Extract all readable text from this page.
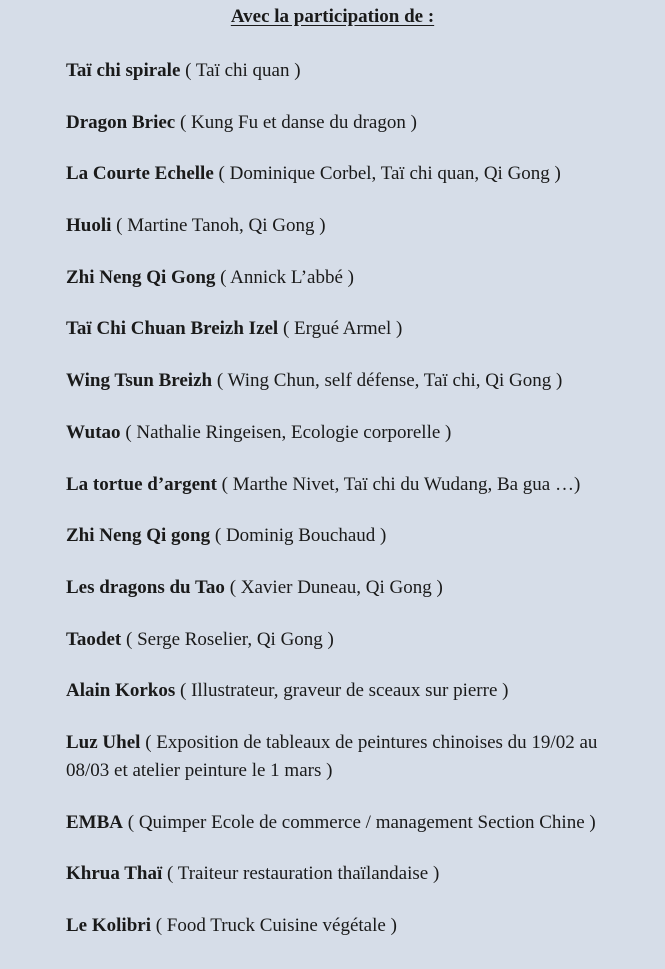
Avec la participation de :
Taï chi spirale ( Taï chi quan )
Dragon Briec ( Kung Fu et danse du dragon )
La Courte Echelle ( Dominique Corbel, Taï chi quan, Qi Gong )
Huoli ( Martine Tanoh, Qi Gong )
Zhi Neng Qi Gong ( Annick L’abbé )
Taï Chi Chuan Breizh Izel ( Ergué Armel )
Wing Tsun Breizh ( Wing Chun, self défense, Taï chi, Qi Gong )
Wutao ( Nathalie Ringeisen, Ecologie corporelle )
La tortue d’argent ( Marthe Nivet, Taï chi du Wudang, Ba gua …)
Zhi Neng Qi gong ( Dominig Bouchaud )
Les dragons du Tao ( Xavier Duneau, Qi Gong )
Taodet ( Serge Roselier, Qi Gong )
Alain Korkos ( Illustrateur, graveur de sceaux sur pierre )
Luz Uhel ( Exposition de tableaux de peintures chinoises du 19/02 au 08/03 et atelier peinture le 1 mars )
EMBA ( Quimper Ecole de commerce / management Section Chine )
Khrua Thaï ( Traiteur restauration thaïlandaise )
Le Kolibri ( Food Truck Cuisine végétale )
